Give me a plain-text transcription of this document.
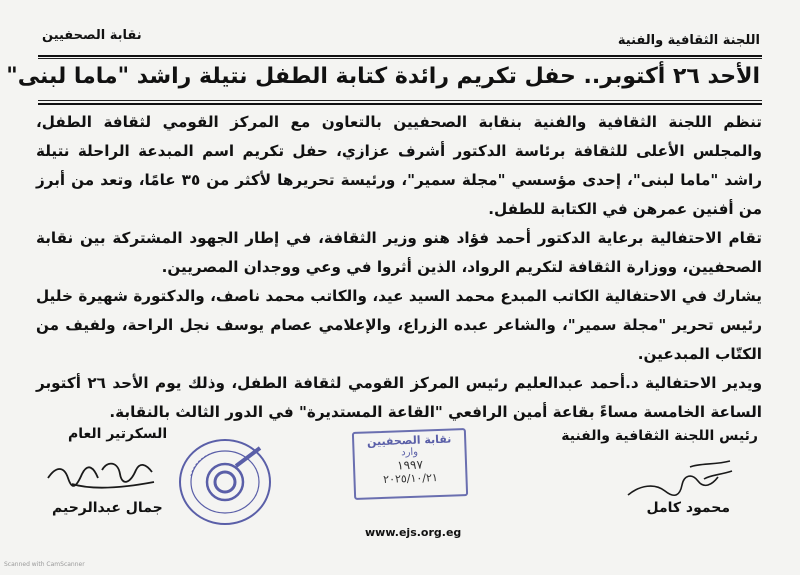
نقابة الصحفيين	اللجنة الثقافية والفنية
الأحد ٢٦ أكتوبر.. حفل تكريم رائدة كتابة الطفل نتيلة راشد "ماما لبنى"

تنظم اللجنة الثقافية والفنية بنقابة الصحفيين بالتعاون مع المركز القومي لثقافة الطفل، والمجلس الأعلى للثقافة برئاسة الدكتور أشرف عزازي، حفل تكريم اسم المبدعة الراحلة نتيلة راشد "ماما لبنى"، إحدى مؤسسي "مجلة سمير"، ورئيسة تحريرها لأكثر من ٣٥ عامًا، وتعد من أبرز من أفنين عمرهن في الكتابة للطفل.

تقام الاحتفالية برعاية الدكتور أحمد فؤاد هنو وزير الثقافة، في إطار الجهود المشتركة بين نقابة الصحفيين، ووزارة الثقافة لتكريم الرواد، الذين أثروا في وعي ووجدان المصريين.

يشارك في الاحتفالية الكاتب المبدع محمد السيد عيد، والكاتب محمد ناصف، والدكتورة شهيرة خليل رئيس تحرير "مجلة سمير"، والشاعر عبده الزراع، والإعلامي عصام يوسف نجل الراحة، ولفيف من الكتّاب المبدعين.

ويدير الاحتفالية د.أحمد عبدالعليم رئيس المركز القومي لثقافة الطفل، وذلك يوم الأحد ٢٦ أكتوبر الساعة الخامسة مساءً بقاعة أمين الرافعي "القاعة المستديرة" في الدور الثالث بالنقابة.

رئيس اللجنة الثقافية والفنية
محمود كامل
السكرتير العام
جمال عبدالرحيم
نقابة الصحفيين
وارد
١٩٩٧
٢٠٢٥/١٠/٢١
www.ejs.org.eg
Scanned with CamScanner
